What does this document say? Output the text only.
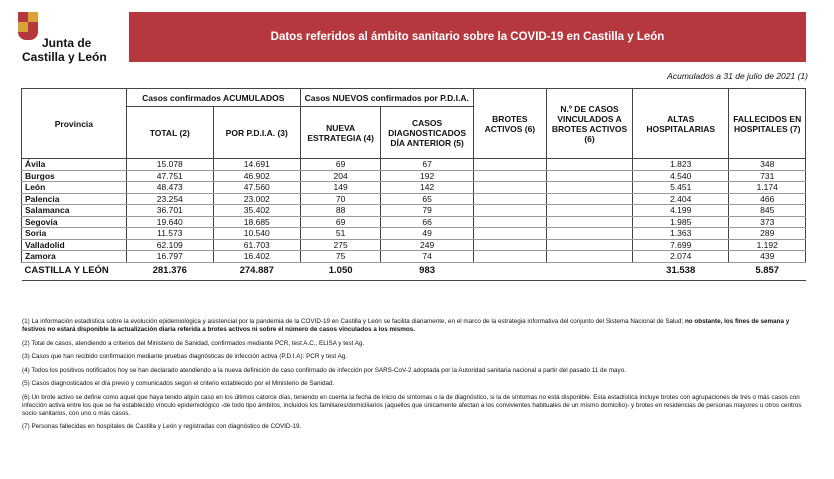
Junta de
Castilla y León
Datos referidos al ámbito sanitario sobre la COVID-19 en Castilla y León
Acumulados a 31 de julio de 2021 (1)
Provincia	Casos confirmados ACUMULADOS		Casos NUEVOS confirmados por P.D.I.A.		BROTES ACTIVOS (6)	N.º DE CASOS VINCULADOS A BROTES ACTIVOS (6)	ALTAS HOSPITALARIAS	FALLECIDOS EN HOSPITALES (7)
	TOTAL (2)	POR P.D.I.A. (3)	NUEVA ESTRATEGIA (4)	CASOS DIAGNOSTICADOS DÍA ANTERIOR (5)				
Ávila	15.078	14.691	69	67			1.823	348
Burgos	47.751	46.902	204	192			4.540	731
León	48.473	47.560	149	142			5.451	1.174
Palencia	23.254	23.002	70	65			2.404	466
Salamanca	36.701	35.402	88	79			4.199	845
Segovia	19.640	18.685	69	66			1.985	373
Soria	11.573	10.540	51	49			1.363	289
Valladolid	62.109	61.703	275	249			7.699	1.192
Zamora	16.797	16.402	75	74			2.074	439
CASTILLA Y LEÓN	281.376	274.887	1.050	983			31.538	5.857

(1) La información estadística sobre la evolución epidemiológica y asistencial por la pandemia de la COVID-19 en Castilla y León se facilita diariamente, en el marco de la estrategia informativa del conjunto del Sistema Nacional de Salud; no obstante, los fines de semana y festivos no estará disponible la actualización diaria referida a brotes activos ni sobre el número de casos vinculados a los mismos.

(2) Total de casos, atendiendo a criterios del Ministerio de Sanidad, confirmados mediante PCR, test A.C., ELISA y test Ag.

(3) Casos que han recibido confirmación mediante pruebas diagnósticas de infección activa (P.D.I.A): PCR y test Ag.

(4) Todos los positivos notificados hoy se han declarado atendiendo a la nueva definición de caso confirmado de infección por SARS-CoV-2 adoptada por la Autoridad sanitaria nacional a partir del pasado 11 de mayo.

(5) Casos diagnosticados el día previo y comunicados según el criterio establecido por el Ministerio de Sanidad.

(6) Un brote activo se define como aquel que haya tenido algún caso en los últimos catorce días, teniendo en cuenta la fecha de inicio de síntomas o la de diagnóstico, si la de síntomas no está disponible. Esta estadística incluye brotes con agrupaciones de tres o más casos con infección activa entre los que se ha establecido vínculo epidemiológico -de todo tipo ámbitos, incluidos los familiares/domiciliarios (aquellos que únicamente afectan a los convivientes habituales de un mismo domicilio)- y brotes en residencias de personas mayores u otros centros socio sanitarios, con uno o más casos.

(7) Personas fallecidas en hospitales de Castilla y León y registradas con diagnóstico de COVID-19.
